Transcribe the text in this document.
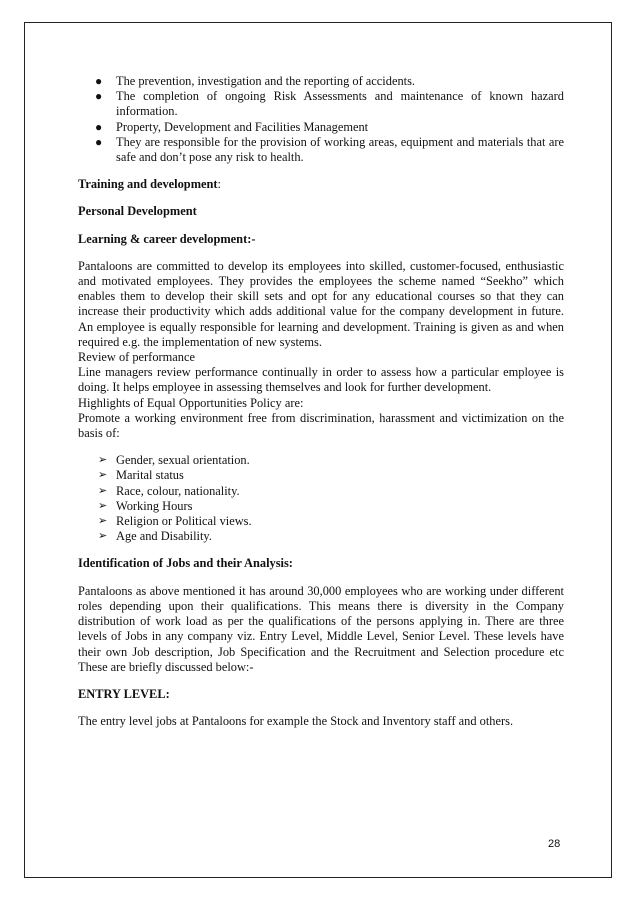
● The prevention, investigation and the reporting of accidents.
● The completion of ongoing Risk Assessments and maintenance of known hazard information.
● Property, Development and Facilities Management
● They are responsible for the provision of working areas, equipment and materials that are safe and don’t pose any risk to health.
Training and development:
Personal Development
Learning & career development:-

Pantaloons are committed to develop its employees into skilled, customer-focused, enthusiastic and motivated employees. They provides the employees the scheme named “Seekho” which enables them to develop their skill sets and opt for any educational courses so that they can increase their productivity which adds additional value for the company development in future. An employee is equally responsible for learning and development. Training is given as and when required e.g. the implementation of new systems.

Review of performance

Line managers review performance continually in order to assess how a particular employee is doing. It helps employee in assessing themselves and look for further development.

Highlights of Equal Opportunities Policy are:

Promote a working environment free from discrimination, harassment and victimization on the basis of:

➢ Gender, sexual orientation.
➢ Marital status
➢ Race, colour, nationality.
➢ Working Hours
➢ Religion or Political views.
➢ Age and Disability.
Identification of Jobs and their Analysis:

Pantaloons as above mentioned it has around 30,000 employees who are working under different roles depending upon their qualifications. This means there is diversity in the Company distribution of work load as per the qualifications of the persons applying in. There are three levels of Jobs in any company viz. Entry Level, Middle Level, Senior Level. These levels have their own Job description, Job Specification and the Recruitment and Selection procedure etc These are briefly discussed below:-

ENTRY LEVEL:

The entry level jobs at Pantaloons for example the Stock and Inventory staff and others.

28
